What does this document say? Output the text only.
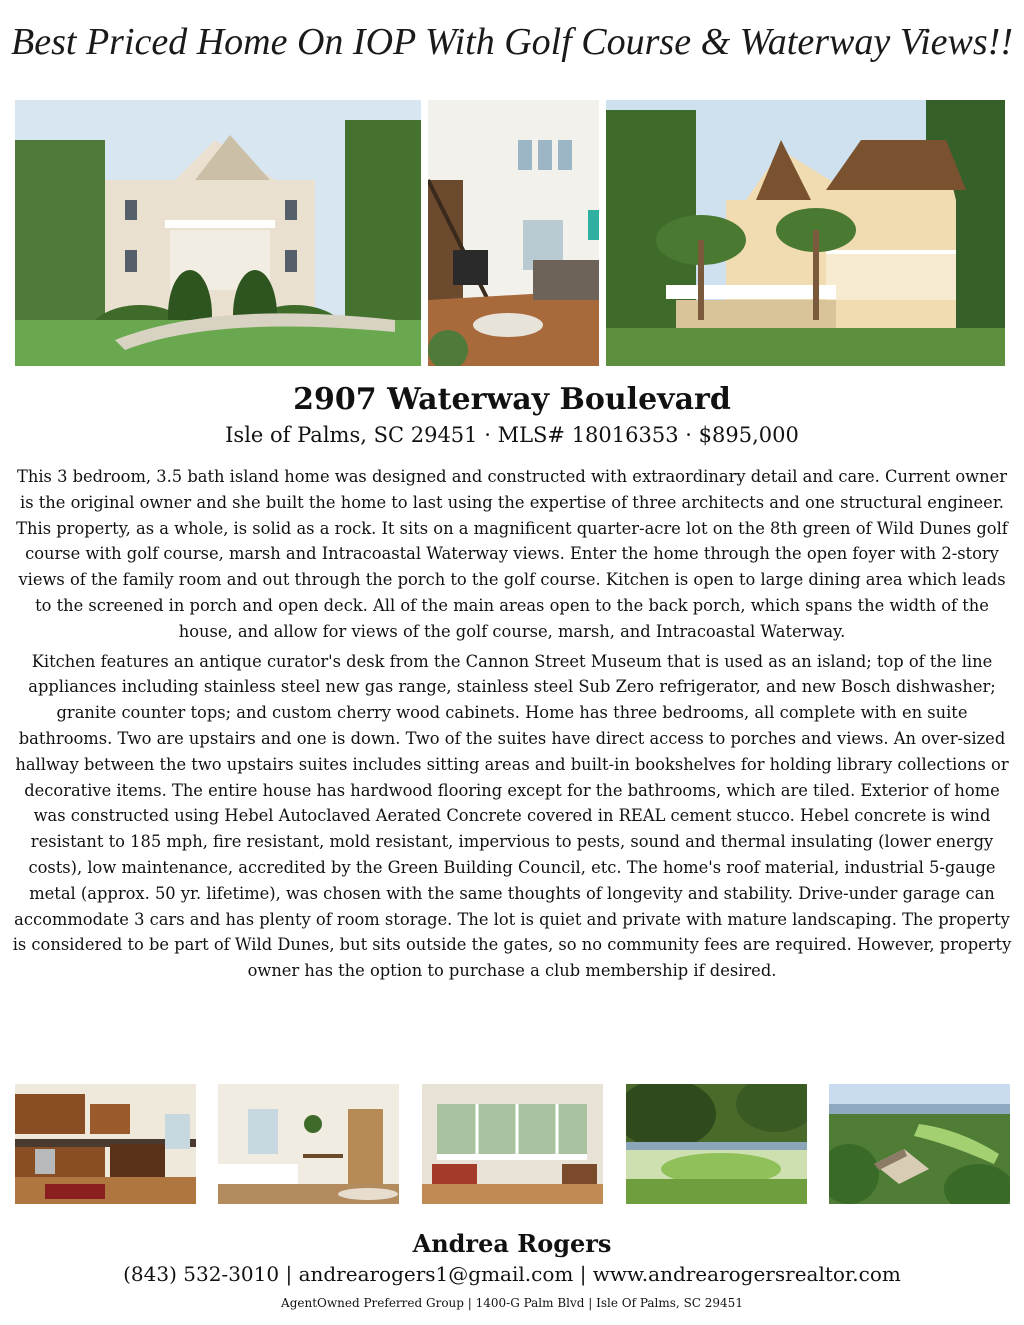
Best Priced Home On IOP With Golf Course & Waterway Views!!

2907 Waterway Boulevard

Isle of Palms, SC 29451 · MLS# 18016353 · $895,000

This 3 bedroom, 3.5 bath island home was designed and constructed with extraordinary detail and care. Current owner is the original owner and she built the home to last using the expertise of three architects and one structural engineer. This property, as a whole, is solid as a rock. It sits on a magnificent quarter-acre lot on the 8th green of Wild Dunes golf course with golf course, marsh and Intracoastal Waterway views. Enter the home through the open foyer with 2-story views of the family room and out through the porch to the golf course. Kitchen is open to large dining area which leads to the screened in porch and open deck. All of the main areas open to the back porch, which spans the width of the house, and allow for views of the golf course, marsh, and Intracoastal Waterway.

Kitchen features an antique curator's desk from the Cannon Street Museum that is used as an island; top of the line appliances including stainless steel new gas range, stainless steel Sub Zero refrigerator, and new Bosch dishwasher; granite counter tops; and custom cherry wood cabinets. Home has three bedrooms, all complete with en suite bathrooms. Two are upstairs and one is down. Two of the suites have direct access to porches and views. An over-sized hallway between the two upstairs suites includes sitting areas and built-in bookshelves for holding library collections or decorative items. The entire house has hardwood flooring except for the bathrooms, which are tiled. Exterior of home was constructed using Hebel Autoclaved Aerated Concrete covered in REAL cement stucco. Hebel concrete is wind resistant to 185 mph, fire resistant, mold resistant, impervious to pests, sound and thermal insulating (lower energy costs), low maintenance, accredited by the Green Building Council, etc. The home's roof material, industrial 5-gauge metal (approx. 50 yr. lifetime), was chosen with the same thoughts of longevity and stability. Drive-under garage can accommodate 3 cars and has plenty of room storage. The lot is quiet and private with mature landscaping. The property is considered to be part of Wild Dunes, but sits outside the gates, so no community fees are required. However, property owner has the option to purchase a club membership if desired.

Andrea Rogers
(843) 532-3010 | andrearogers1@gmail.com | www.andrearogersrealtor.com
AgentOwned Preferred Group | 1400-G Palm Blvd | Isle Of Palms, SC 29451
